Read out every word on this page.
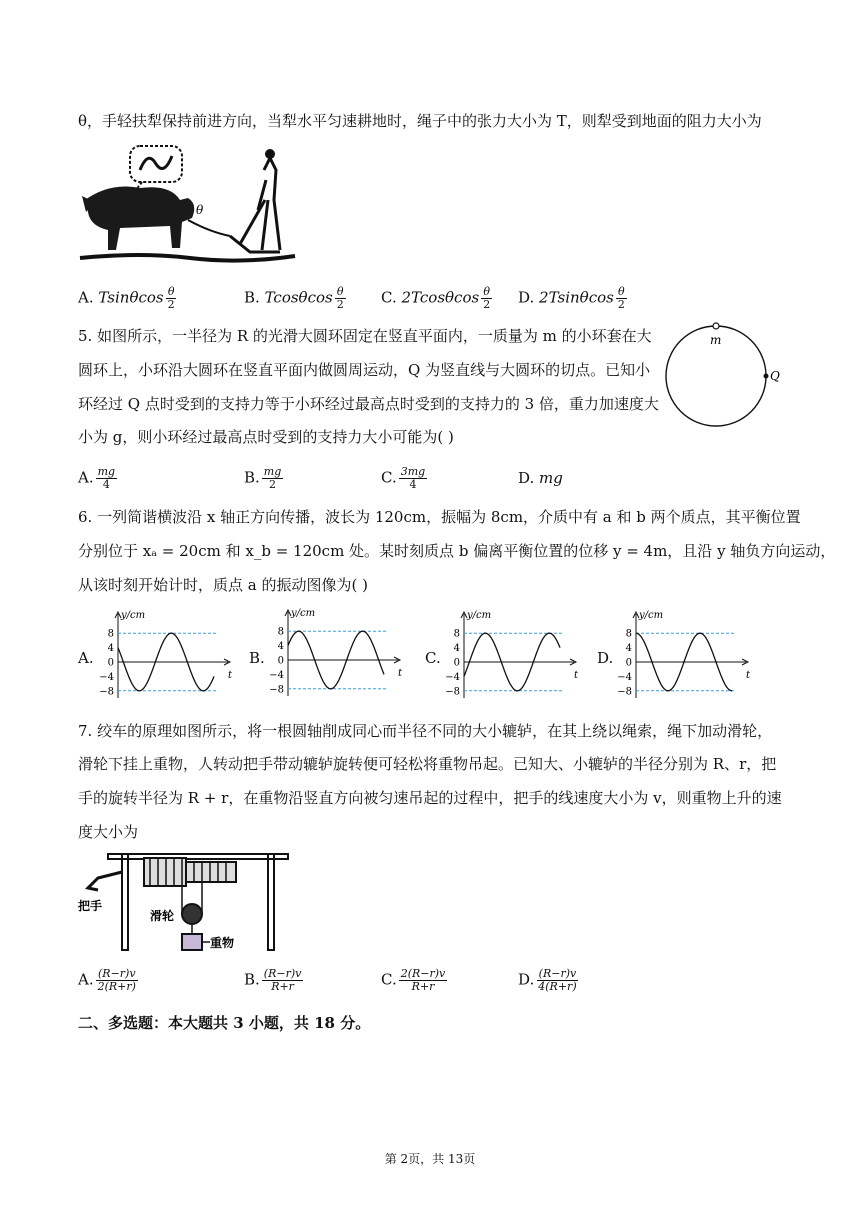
θ，手轻扶犁保持前进方向，当犁水平匀速耕地时，绳子中的张力大小为 T，则犁受到地面的阻力大小为
θ
A. Tsinθcos $\frac{\theta}{2}$	B. Tcosθcos $\frac{\theta}{2} C$. $2Tcos\theta\cos \frac{\theta}{2} D$. $2Tsin\theta\cos \frac{\theta}{2}$
5. 如图所示，一半径为 R 的光滑大圆环固定在竖直平面内，一质量为 m 的小环套在大
圆环上，小环沿大圆环在竖直平面内做圆周运动，Q 为竖直线与大圆环的切点。已知小
环经过 Q 点时受到的支持力等于小环经过最高点时受到的支持力的 3 倍，重力加速度大
小为 g，则小环经过最高点时受到的支持力大小可能为( )
m
Q
A. $\frac{mg}{4}$	B. $\frac{mg}{2}$	C. $\frac{3mg}{4}$	D. mg
6. 一列简谐横波沿 x 轴正方向传播，波长为 120cm，振幅为 8cm，介质中有 a 和 b 两个质点，其平衡位置
分别位于 xₐ = 20cm 和 x_b = 120cm 处。某时刻质点 b 偏离平衡位置的位移 y = 4m，且沿 y 轴负方向运动，
从该时刻开始计时，质点 a 的振动图像为( )
A.	B.	C.	D.
8
4
0
−4
−8
y/cm
t
8
4
0
−4
−8
y/cm
t
8
4
0
−4
−8
y/cm
t
8
4
0
−4
−8
y/cm
t
7. 绞车的原理如图所示，将一根圆轴削成同心而半径不同的大小辘轳，在其上绕以绳索，绳下加动滑轮，
滑轮下挂上重物，人转动把手带动辘轳旋转便可轻松将重物吊起。已知大、小辘轳的半径分别为 R、r，把
手的旋转半径为 R + r，在重物沿竖直方向被匀速吊起的过程中，把手的线速度大小为 v，则重物上升的速
度大小为
把手
滑轮
重物
A. $\frac{(R-r)v}{2(R+r)}$	B. $\frac{(R-r)v}{R+r}$	C. $\frac{2(R-r)v}{R+r}$	D. $\frac{(R-r)v}{4(R+r)}$
二、多选题：本大题共 3 小题，共 18 分。
第 2页，共 13页
